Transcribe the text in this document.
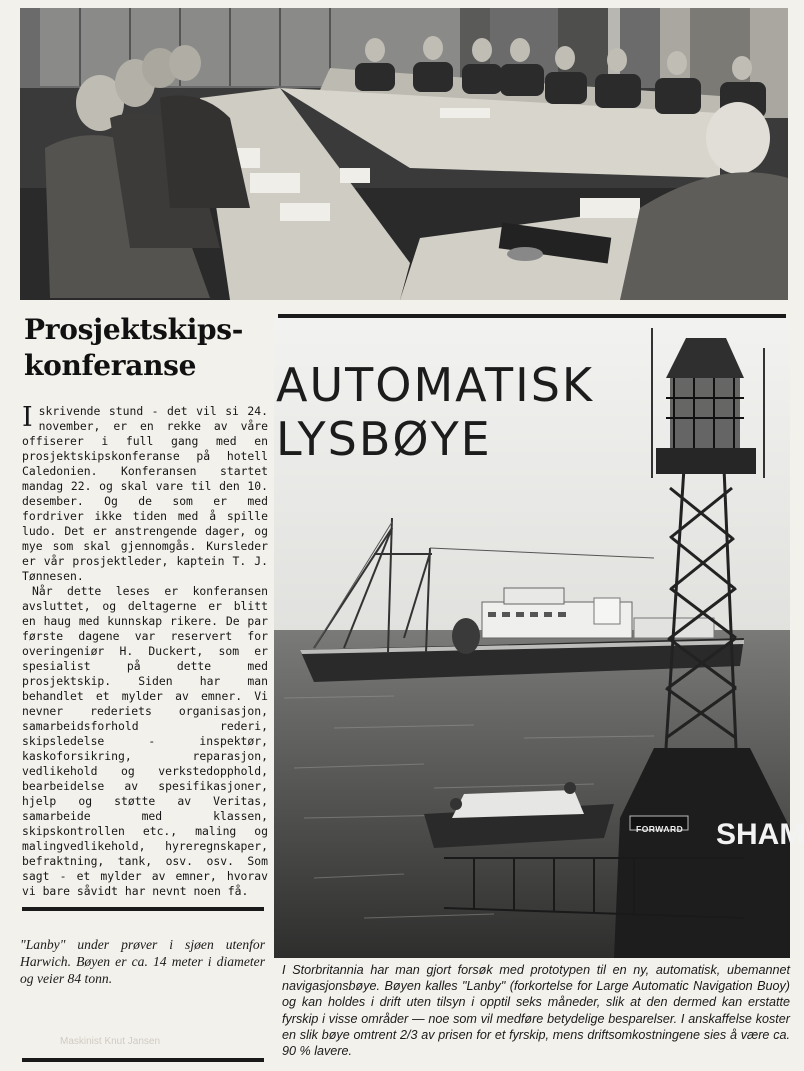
Prosjektskips-
konferanse

Iskrivende stund - det vil si 24. november, er en rekke av våre offiserer i full gang med en prosjektskipskonferanse på hotell Caledonien. Konferansen startet mandag 22. og skal vare til den 10. desember. Og de som er med fordriver ikke tiden med å spille ludo. Det er anstrengende dager, og mye som skal gjennomgås. Kursleder er vår prosjektleder, kaptein T. J. Tønnesen.

Når dette leses er konferansen avsluttet, og deltagerne er blitt en haug med kunnskap rikere. De par første dagene var reservert for overingeniør H. Duckert, som er spesialist på dette med prosjektskip. Siden har man behandlet et mylder av emner. Vi nevner rederiets organisasjon, samarbeidsforhold rederi, skipsledelse - inspektør, kaskoforsikring, reparasjon, vedlikehold og verkstedopphold, bearbeidelse av spesifikasjoner, hjelp og støtte av Veritas, samarbeide med klassen, skipskontrollen etc., maling og malingvedlikehold, hyreregnskaper, befraktning, tank, osv. osv. Som sagt - et mylder av emner, hvorav vi bare såvidt har nevnt noen få.

"Lanby" under prøver i sjøen utenfor Harwich. Bøyen er ca. 14 meter i diameter og veier 84 tonn.
Maskinist Knut Jansen
AUTOMATISK
LYSBØYE
FORWARD	SHAM
I Storbritannia har man gjort forsøk med prototypen til en ny, automatisk, ubemannet navigasjonsbøye. Bøyen kalles "Lanby" (forkortelse for Large Automatic Navigation Buoy) og kan holdes i drift uten tilsyn i opptil seks måneder, slik at den dermed kan erstatte fyrskip i visse områder — noe som vil medføre betydelige besparelser. I anskaffelse koster en slik bøye omtrent 2/3 av prisen for et fyrskip, mens driftsomkostningene sies å være ca. 90 % lavere.
